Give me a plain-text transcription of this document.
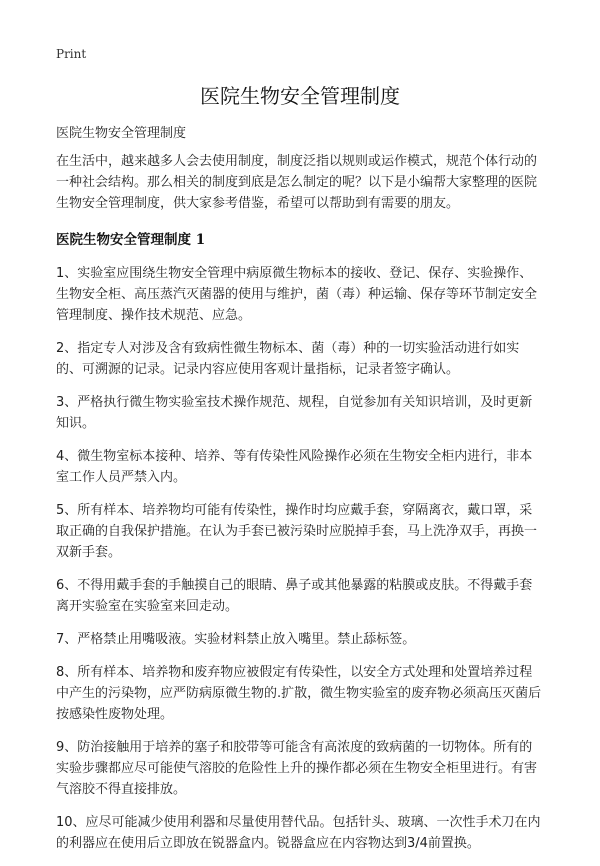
Print
医院生物安全管理制度
医院生物安全管理制度

在生活中，越来越多人会去使用制度，制度泛指以规则或运作模式，规范个体行动的一种社会结构。那么相关的制度到底是怎么制定的呢？以下是小编帮大家整理的医院生物安全管理制度，供大家参考借鉴，希望可以帮助到有需要的朋友。

医院生物安全管理制度 1

1、实验室应围绕生物安全管理中病原微生物标本的接收、登记、保存、实验操作、生物安全柜、高压蒸汽灭菌器的使用与维护，菌（毒）种运输、保存等环节制定安全管理制度、操作技术规范、应急。

2、指定专人对涉及含有致病性微生物标本、菌（毒）种的一切实验活动进行如实的、可溯源的记录。记录内容应使用客观计量指标，记录者签字确认。

3、严格执行微生物实验室技术操作规范、规程，自觉参加有关知识培训，及时更新知识。

4、微生物室标本接种、培养、等有传染性风险操作必须在生物安全柜内进行，非本室工作人员严禁入内。

5、所有样本、培养物均可能有传染性，操作时均应戴手套，穿隔离衣，戴口罩，采取正确的自我保护措施。在认为手套已被污染时应脱掉手套，马上洗净双手，再换一双新手套。

6、不得用戴手套的手触摸自己的眼睛、鼻子或其他暴露的粘膜或皮肤。不得戴手套离开实验室在实验室来回走动。

7、严格禁止用嘴吸液。实验材料禁止放入嘴里。禁止舔标签。

8、所有样本、培养物和废弃物应被假定有传染性，以安全方式处理和处置培养过程中产生的污染物，应严防病原微生物的.扩散，微生物实验室的废弃物必须高压灭菌后按感染性废物处理。

9、防治接触用于培养的塞子和胶带等可能含有高浓度的致病菌的一切物体。所有的实验步骤都应尽可能使气溶胶的危险性上升的操作都必须在生物安全柜里进行。有害气溶胶不得直接排放。

10、应尽可能减少使用利器和尽量使用替代品。包括针头、玻璃、一次性手术刀在内的利器应在使用后立即放在锐器盒内。锐器盒应在内容物达到3/4前置换。
